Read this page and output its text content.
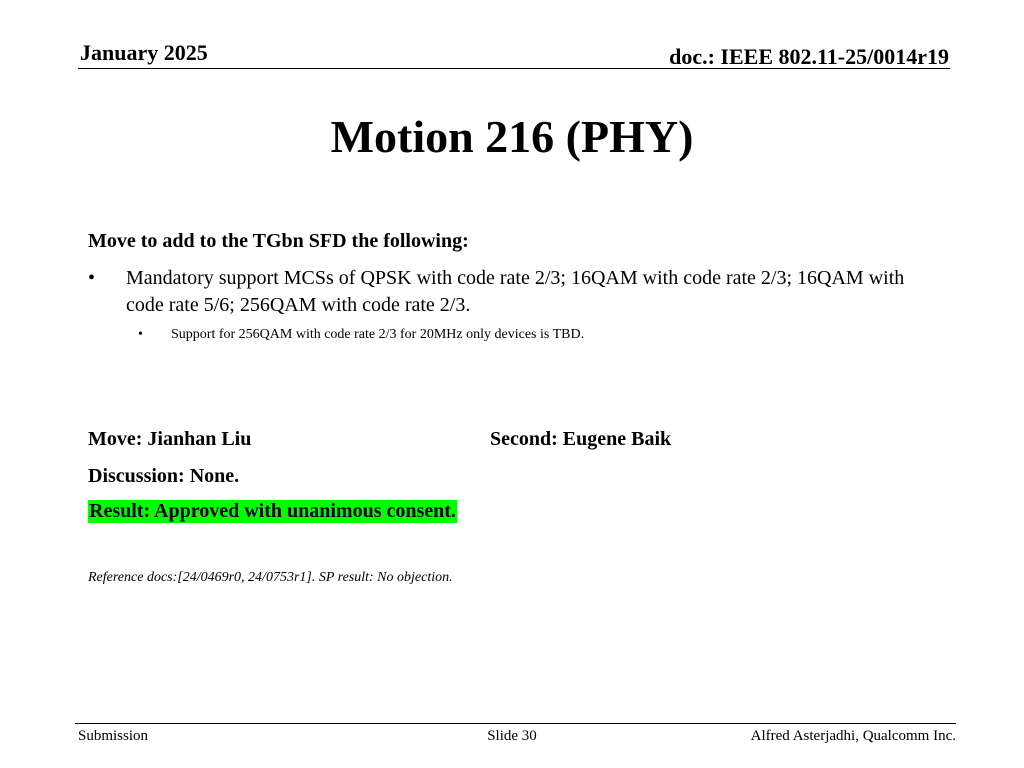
January 2025	doc.: IEEE 802.11-25/0014r19
Motion 216 (PHY)
Move to add to the TGbn SFD the following:
• Mandatory support MCSs of QPSK with code rate 2/3; 16QAM with code rate 2/3; 16QAM with code rate 5/6; 256QAM with code rate 2/3.
• Support for 256QAM with code rate 2/3 for 20MHz only devices is TBD.
Move: Jianhan Liu	Second: Eugene Baik
Discussion: None.
Result: Approved with unanimous consent.
Reference docs:[24/0469r0, 24/0753r1]. SP result: No objection.
Submission	Slide 30	Alfred Asterjadhi, Qualcomm Inc.
